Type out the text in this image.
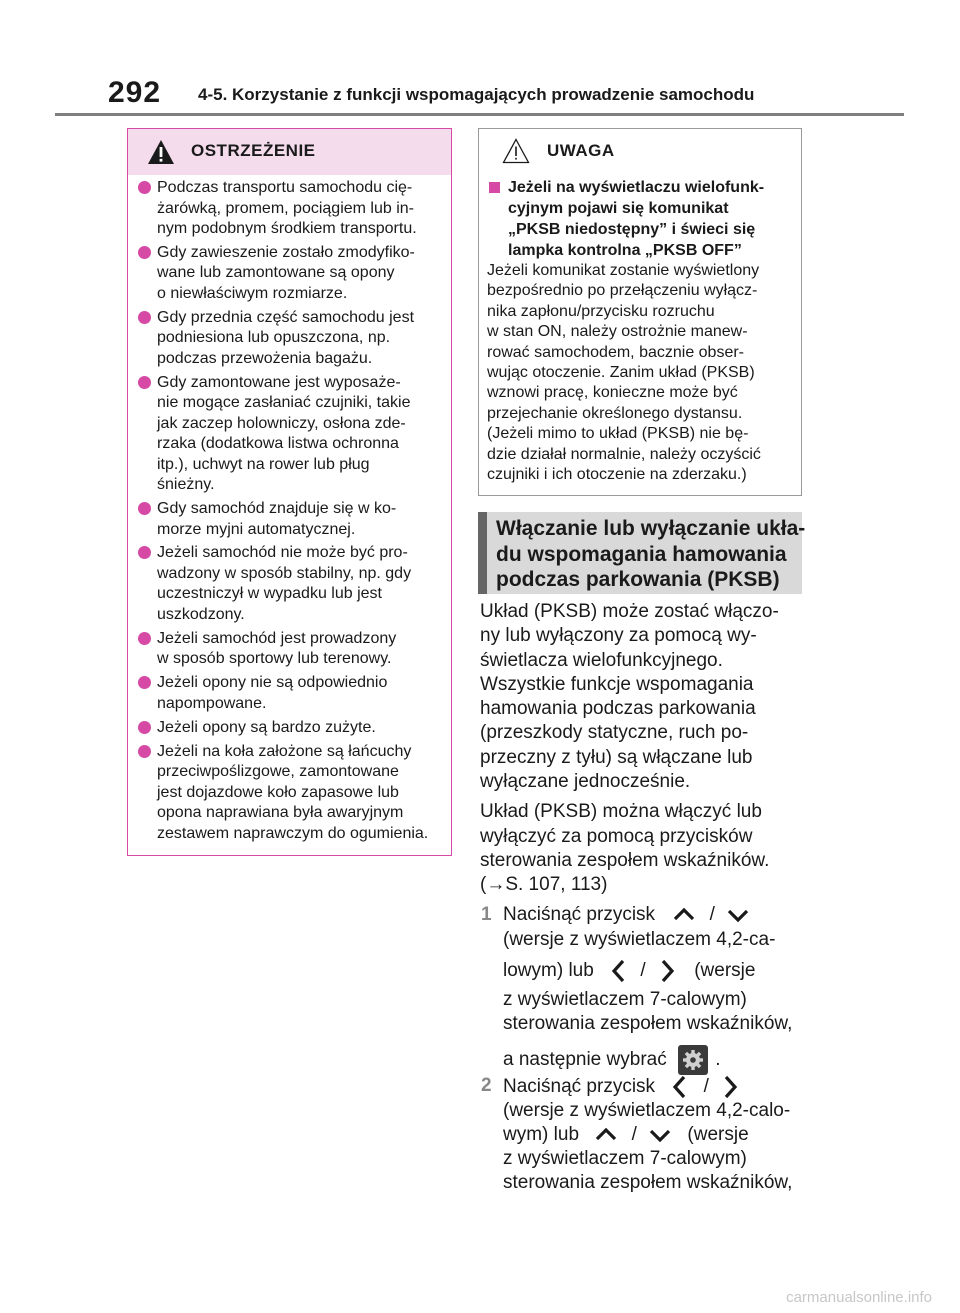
292 4-5. Korzystanie z funkcji wspomagających prowadzenie samochodu
OSTRZEŻENIE
Podczas transportu samochodu cię-
żarówką, promem, pociągiem lub in-
nym podobnym środkiem transportu.
Gdy zawieszenie zostało zmodyfiko-
wane lub zamontowane są opony
o niewłaściwym rozmiarze.
Gdy przednia część samochodu jest
podniesiona lub opuszczona, np.
podczas przewożenia bagażu.
Gdy zamontowane jest wyposaże-
nie mogące zasłaniać czujniki, takie
jak zaczep holowniczy, osłona zde-
rzaka (dodatkowa listwa ochronna
itp.), uchwyt na rower lub pług
śnieżny.
Gdy samochód znajduje się w ko-
morze myjni automatycznej.
Jeżeli samochód nie może być pro-
wadzony w sposób stabilny, np. gdy
uczestniczył w wypadku lub jest
uszkodzony.
Jeżeli samochód jest prowadzony
w sposób sportowy lub terenowy.
Jeżeli opony nie są odpowiednio
napompowane.
Jeżeli opony są bardzo zużyte.
Jeżeli na koła założone są łańcuchy
przeciwpoślizgowe, zamontowane
jest dojazdowe koło zapasowe lub
opona naprawiana była awaryjnym
zestawem naprawczym do ogumienia.
UWAGA
Jeżeli na wyświetlaczu wielofunk-
cyjnym pojawi się komunikat
„PKSB niedostępny” i świeci się
lampka kontrolna „PKSB OFF”
Jeżeli komunikat zostanie wyświetlony
bezpośrednio po przełączeniu wyłącz-
nika zapłonu/przycisku rozruchu
w stan ON, należy ostrożnie manew-
rować samochodem, bacznie obser-
wując otoczenie. Zanim układ (PKSB)
wznowi pracę, konieczne może być
przejechanie określonego dystansu.
(Jeżeli mimo to układ (PKSB) nie bę-
dzie działał normalnie, należy oczyścić
czujniki i ich otoczenie na zderzaku.)
Włączanie lub wyłączanie ukła-
du wspomagania hamowania
podczas parkowania (PKSB)
Układ (PKSB) może zostać włączo-
ny lub wyłączony za pomocą wy-
świetlacza wielofunkcyjnego.
Wszystkie funkcje wspomagania
hamowania podczas parkowania
(przeszkody statyczne, ruch po-
przeczny z tyłu) są włączane lub
wyłączane jednocześnie.
Układ (PKSB) można włączyć lub
wyłączyć za pomocą przycisków
sterowania zespołem wskaźników.
(→S. 107, 113)
1 Naciśnąć przycisk	/
(wersje z wyświetlaczem 4,2-ca-
lowym) lub /	(wersje
z wyświetlaczem 7-calowym)
sterowania zespołem wskaźników,
a następnie wybrać	.
2 Naciśnąć przycisk	/
(wersje z wyświetlaczem 4,2-calo-
wym) lub	/	(wersje
z wyświetlaczem 7-calowym)
sterowania zespołem wskaźników,
carmanualsonline.info
